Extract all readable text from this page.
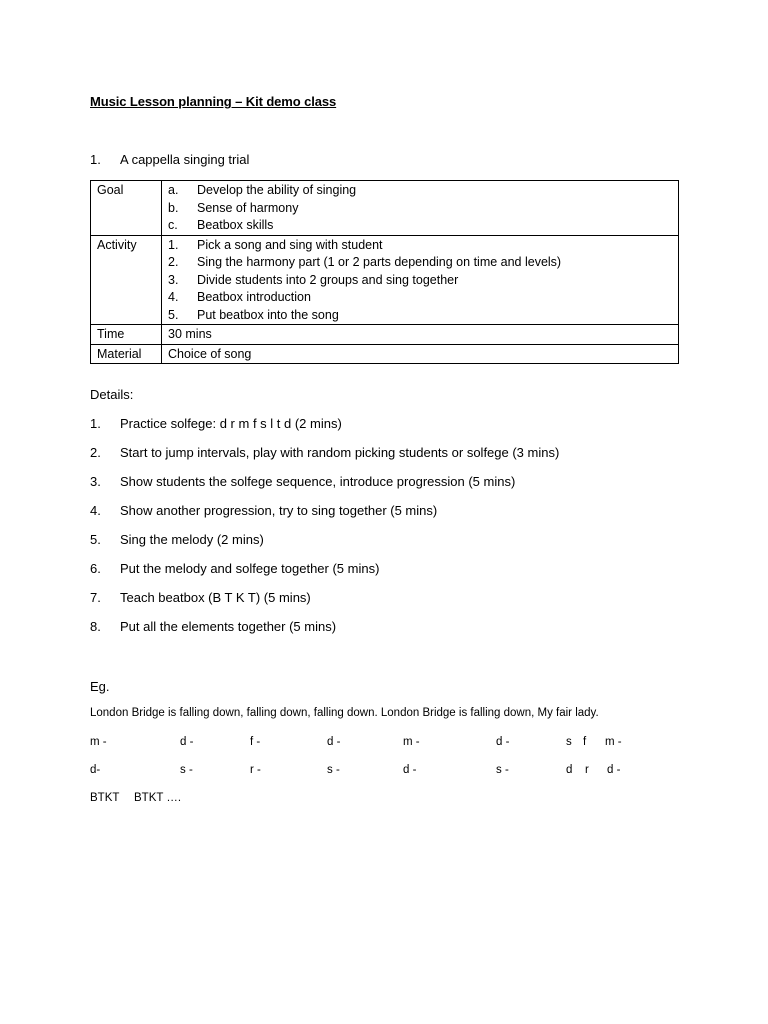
Music Lesson planning – Kit demo class
1. A cappella singing trial
Goal	a. Develop the ability of singing
b. Sense of harmony
c. Beatbox skills

Activity	1. Pick a song and sing with student
2. Sing the harmony part (1 or 2 parts depending on time and levels)
3. Divide students into 2 groups and sing together
4. Beatbox introduction
5. Put beatbox into the song

Time	30 mins

Material	Choice of song
Details:
1. Practice solfege: d r m f s l t d (2 mins)
2. Start to jump intervals, play with random picking students or solfege (3 mins)
3. Show students the solfege sequence, introduce progression (5 mins)
4. Show another progression, try to sing together (5 mins)
5. Sing the melody (2 mins)
6. Put the melody and solfege together (5 mins)
7. Teach beatbox (B T K T) (5 mins)
8. Put all the elements together (5 mins)
Eg.
London Bridge is falling down, falling down, falling down. London Bridge is falling down, My fair lady.
m -	d -	f -	d -	m -	d -	s f m -
d-	s -	r -	s -	d -	s -	d r d -
BTKT BTKT ….
